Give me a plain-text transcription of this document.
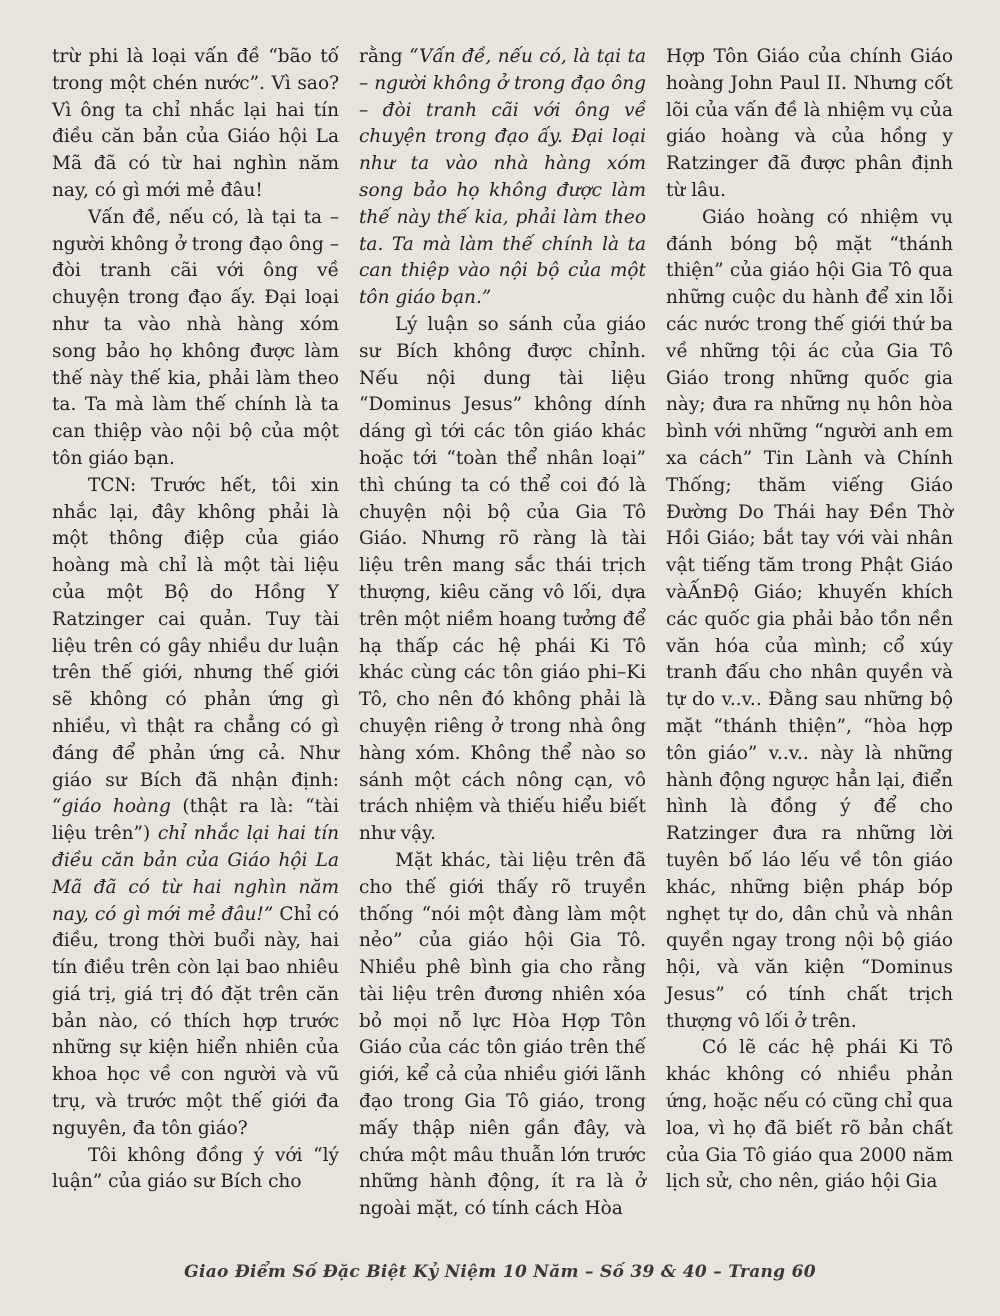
trừ phi là loại vấn đề “bão tố trong một chén nước”. Vì sao? Vì ông ta chỉ nhắc lại hai tín điều căn bản của Giáo hội La Mã đã có từ hai nghìn năm nay, có gì mới mẻ đâu!

Vấn đề, nếu có, là tại ta – người không ở trong đạo ông – đòi tranh cãi với ông về chuyện trong đạo ấy. Đại loại như ta vào nhà hàng xóm song bảo họ không được làm thế này thế kia, phải làm theo ta. Ta mà làm thế chính là ta can thiệp vào nội bộ của một tôn giáo bạn.

TCN: Trước hết, tôi xin nhắc lại, đây không phải là một thông điệp của giáo hoàng mà chỉ là một tài liệu của một Bộ do Hồng Y Ratzinger cai quản. Tuy tài liệu trên có gây nhiều dư luận trên thế giới, nhưng thế giới sẽ không có phản ứng gì nhiều, vì thật ra chẳng có gì đáng để phản ứng cả. Như giáo sư Bích đã nhận định: “giáo hoàng (thật ra là: “tài liệu trên”) chỉ nhắc lại hai tín điều căn bản của Giáo hội La Mã đã có từ hai nghìn năm nay, có gì mới mẻ đâu!” Chỉ có điều, trong thời buổi này, hai tín điều trên còn lại bao nhiêu giá trị, giá trị đó đặt trên căn bản nào, có thích hợp trước những sự kiện hiển nhiên của khoa học về con người và vũ trụ, và trước một thế giới đa nguyên, đa tôn giáo?

Tôi không đồng ý với “lý luận” của giáo sư Bích cho

rằng “Vấn đề, nếu có, là tại ta – người không ở trong đạo ông – đòi tranh cãi với ông về chuyện trong đạo ấy. Đại loại như ta vào nhà hàng xóm song bảo họ không được làm thế này thế kia, phải làm theo ta. Ta mà làm thế chính là ta can thiệp vào nội bộ của một tôn giáo bạn.”

Lý luận so sánh của giáo sư Bích không được chỉnh. Nếu nội dung tài liệu “Dominus Jesus” không dính dáng gì tới các tôn giáo khác hoặc tới “toàn thể nhân loại” thì chúng ta có thể coi đó là chuyện nội bộ của Gia Tô Giáo. Nhưng rõ ràng là tài liệu trên mang sắc thái trịch thượng, kiêu căng vô lối, dựa trên một niềm hoang tưởng để hạ thấp các hệ phái Ki Tô khác cùng các tôn giáo phi–Ki Tô, cho nên đó không phải là chuyện riêng ở trong nhà ông hàng xóm. Không thể nào so sánh một cách nông cạn, vô trách nhiệm và thiếu hiểu biết như vậy.

Mặt khác, tài liệu trên đã cho thế giới thấy rõ truyền thống “nói một đàng làm một nẻo” của giáo hội Gia Tô. Nhiều phê bình gia cho rằng tài liệu trên đương nhiên xóa bỏ mọi nỗ lực Hòa Hợp Tôn Giáo của các tôn giáo trên thế giới, kể cả của nhiều giới lãnh đạo trong Gia Tô giáo, trong mấy thập niên gần đây, và chứa một mâu thuẫn lớn trước những hành động, ít ra là ở ngoài mặt, có tính cách Hòa

Hợp Tôn Giáo của chính Giáo hoàng John Paul II. Nhưng cốt lõi của vấn đề là nhiệm vụ của giáo hoàng và của hồng y Ratzinger đã được phân định từ lâu.

Giáo hoàng có nhiệm vụ đánh bóng bộ mặt “thánh thiện” của giáo hội Gia Tô qua những cuộc du hành để xin lỗi các nước trong thế giới thứ ba về những tội ác của Gia Tô Giáo trong những quốc gia này; đưa ra những nụ hôn hòa bình với những “người anh em xa cách” Tin Lành và Chính Thống; thăm viếng Giáo Đường Do Thái hay Đền Thờ Hồi Giáo; bắt tay với vài nhân vật tiếng tăm trong Phật Giáo vàẤnĐộ Giáo; khuyến khích các quốc gia phải bảo tồn nền văn hóa của mình; cổ xúy tranh đấu cho nhân quyền và tự do v..v.. Đằng sau những bộ mặt “thánh thiện”, “hòa hợp tôn giáo” v..v.. này là những hành động ngược hẳn lại, điển hình là đồng ý để cho Ratzinger đưa ra những lời tuyên bố láo lếu về tôn giáo khác, những biện pháp bóp nghẹt tự do, dân chủ và nhân quyền ngay trong nội bộ giáo hội, và văn kiện “Dominus Jesus” có tính chất trịch thượng vô lối ở trên.

Có lẽ các hệ phái Ki Tô khác không có nhiều phản ứng, hoặc nếu có cũng chỉ qua loa, vì họ đã biết rõ bản chất của Gia Tô giáo qua 2000 năm lịch sử, cho nên, giáo hội Gia

Giao Điểm Số Đặc Biệt Kỷ Niệm 10 Năm – Số 39 & 40 – Trang 60
